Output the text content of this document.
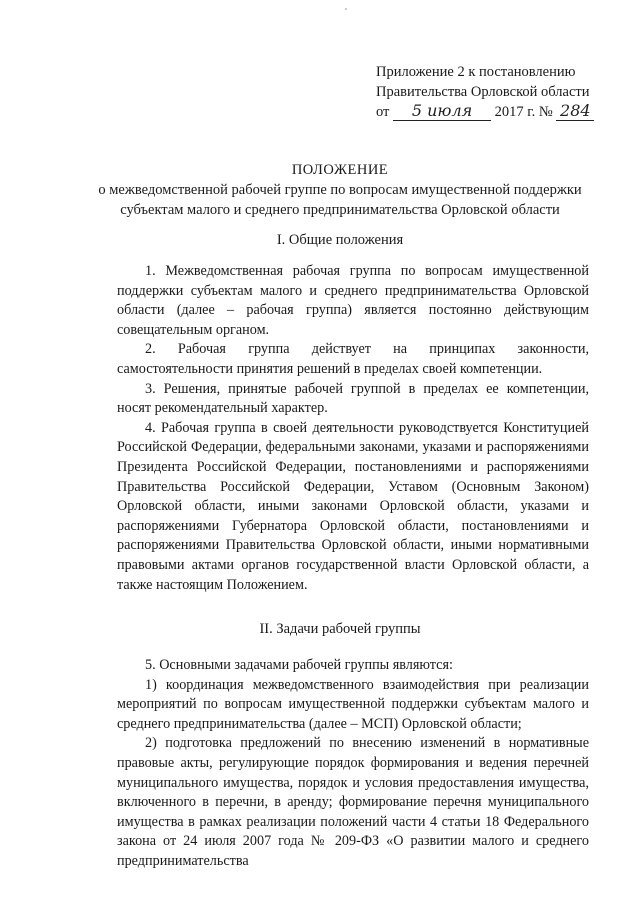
Приложение 2 к постановлению
Правительства Орловской области
от 5 июля 2017 г. № 284
ПОЛОЖЕНИЕ
о межведомственной рабочей группе по вопросам имущественной поддержки
субъектам малого и среднего предпринимательства Орловской области
I. Общие положения

1. Межведомственная рабочая группа по вопросам имущественной поддержки субъектам малого и среднего предпринимательства Орловской области (далее – рабочая группа) является постоянно действующим совещательным органом.

2. Рабочая группа действует на принципах законности, самостоятельности принятия решений в пределах своей компетенции.

3. Решения, принятые рабочей группой в пределах ее компетенции, носят рекомендательный характер.

4. Рабочая группа в своей деятельности руководствуется Конституцией Российской Федерации, федеральными законами, указами и распоряжениями Президента Российской Федерации, постановлениями и распоряжениями Правительства Российской Федерации, Уставом (Основным Законом) Орловской области, иными законами Орловской области, указами и распоряжениями Губернатора Орловской области, постановлениями и распоряжениями Правительства Орловской области, иными нормативными правовыми актами органов государственной власти Орловской области, а также настоящим Положением.

II. Задачи рабочей группы

5. Основными задачами рабочей группы являются:

1) координация межведомственного взаимодействия при реализации мероприятий по вопросам имущественной поддержки субъектам малого и среднего предпринимательства (далее – МСП) Орловской области;

2) подготовка предложений по внесению изменений в нормативные правовые акты, регулирующие порядок формирования и ведения перечней муниципального имущества, порядок и условия предоставления имущества, включенного в перечни, в аренду; формирование перечня муниципального имущества в рамках реализации положений части 4 статьи 18 Федерального закона от 24 июля 2007 года № 209-ФЗ «О развитии малого и среднего предпринимательства
